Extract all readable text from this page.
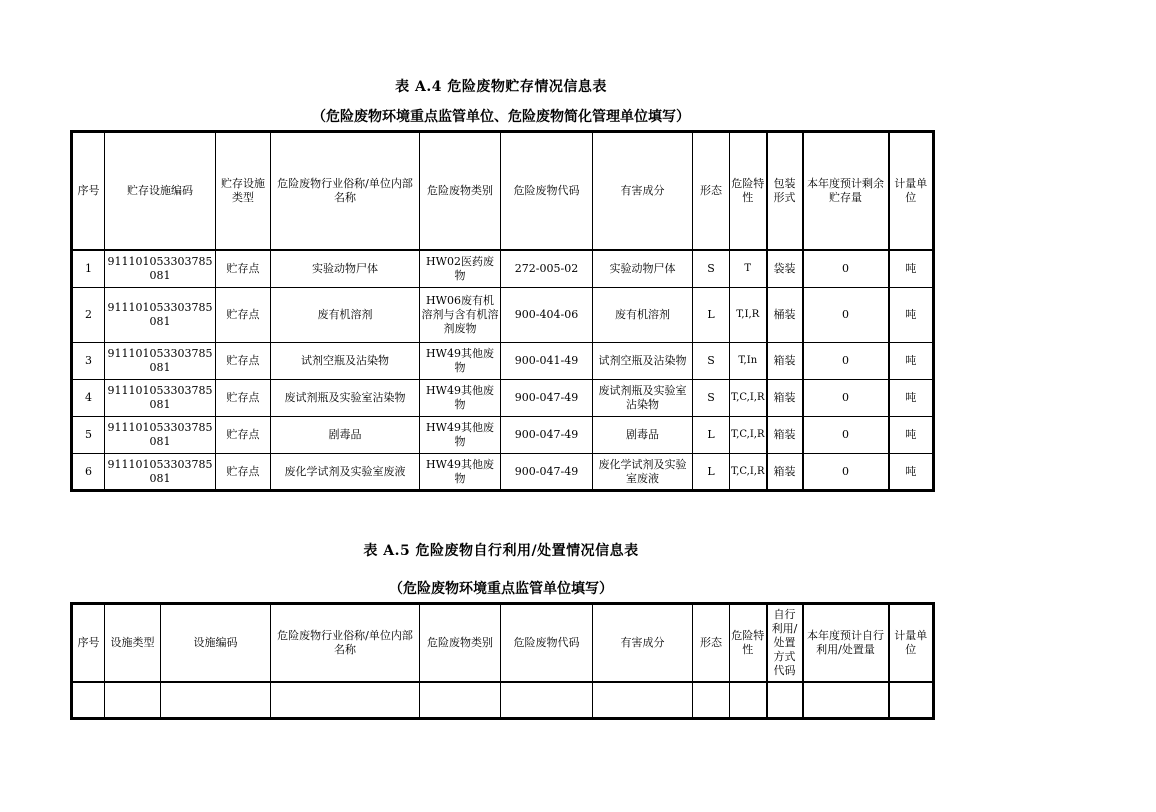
表 A.4 危险废物贮存情况信息表
（危险废物环境重点监管单位、危险废物简化管理单位填写）
序号	贮存设施编码	贮存设施类型	危险废物行业俗称/单位内部名称	危险废物类别	危险废物代码	有害成分	形态	危险特性	包装形式	本年度预计剩余贮存量	计量单位
1	911101053303785081	贮存点	实验动物尸体	HW02医药废物	272-005-02	实验动物尸体	S	T	袋装	0	吨
2	911101053303785081	贮存点	废有机溶剂	HW06废有机溶剂与含有机溶剂废物	900-404-06	废有机溶剂	L	T,I,R	桶装	0	吨
3	911101053303785081	贮存点	试剂空瓶及沾染物	HW49其他废物	900-041-49	试剂空瓶及沾染物	S	T,In	箱装	0	吨
4	911101053303785081	贮存点	废试剂瓶及实验室沾染物	HW49其他废物	900-047-49	废试剂瓶及实验室沾染物	S	T,C,I,R	箱装	0	吨
5	911101053303785081	贮存点	剧毒品	HW49其他废物	900-047-49	剧毒品	L	T,C,I,R	箱装	0	吨
6	911101053303785081	贮存点	废化学试剂及实验室废液	HW49其他废物	900-047-49	废化学试剂及实验室废液	L	T,C,I,R	箱装	0	吨
表 A.5 危险废物自行利用/处置情况信息表
（危险废物环境重点监管单位填写）
序号	设施类型	设施编码	危险废物行业俗称/单位内部名称	危险废物类别	危险废物代码	有害成分	形态	危险特性	自行利用/处置方式代码	本年度预计自行利用/处置量	计量单位
